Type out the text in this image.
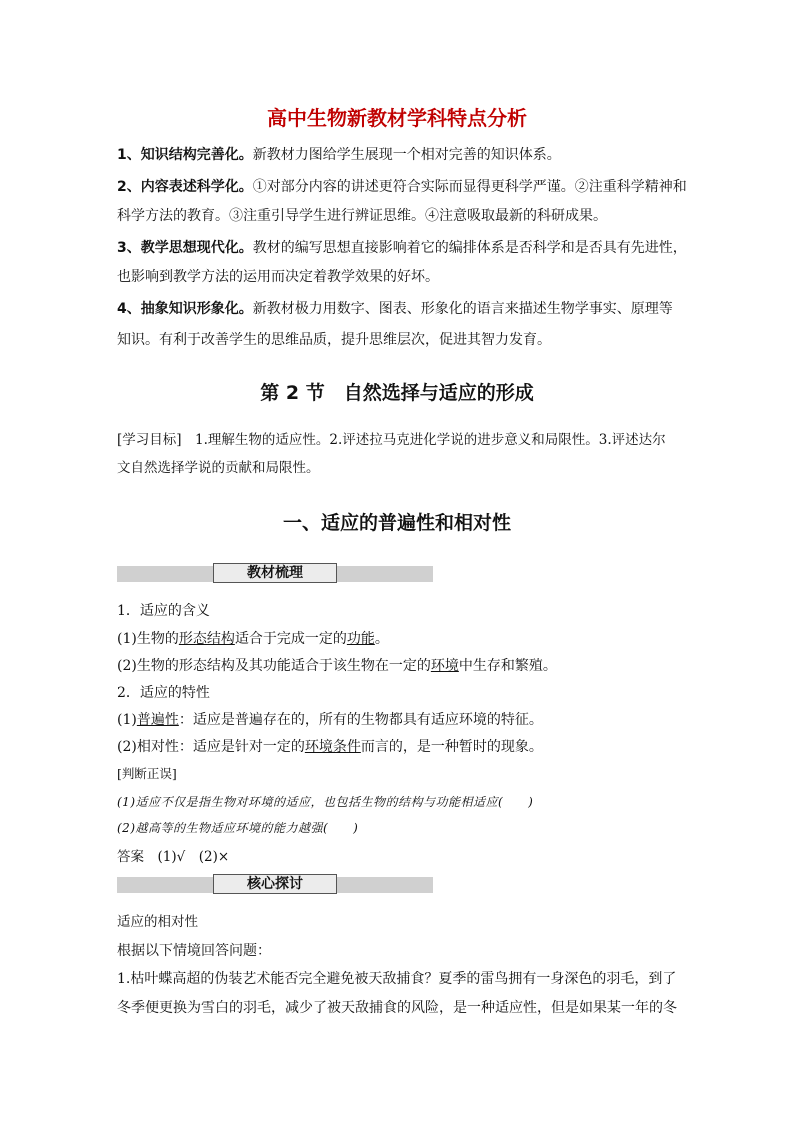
高中生物新教材学科特点分析
1、知识结构完善化。新教材力图给学生展现一个相对完善的知识体系。
2、内容表述科学化。①对部分内容的讲述更符合实际而显得更科学严谨。②注重科学精神和
科学方法的教育。③注重引导学生进行辨证思维。④注意吸取最新的科研成果。
3、教学思想现代化。教材的编写思想直接影响着它的编排体系是否科学和是否具有先进性，
也影响到教学方法的运用而决定着教学效果的好坏。
4、抽象知识形象化。新教材极力用数字、图表、形象化的语言来描述生物学事实、原理等
知识。有利于改善学生的思维品质，提升思维层次，促进其智力发育。
第 2 节　自然选择与适应的形成
[学习目标]　1.理解生物的适应性。2.评述拉马克进化学说的进步意义和局限性。3.评述达尔
文自然选择学说的贡献和局限性。
一、适应的普遍性和相对性
教材梳理
1．适应的含义
(1)生物的形态结构适合于完成一定的功能。
(2)生物的形态结构及其功能适合于该生物在一定的环境中生存和繁殖。
2．适应的特性
(1)普遍性：适应是普遍存在的，所有的生物都具有适应环境的特征。
(2)相对性：适应是针对一定的环境条件而言的，是一种暂时的现象。
[判断正误]
(1)适应不仅是指生物对环境的适应，也包括生物的结构与功能相适应(　　)
(2)越高等的生物适应环境的能力越强(　　)
答案　(1)√　(2)×
核心探讨
适应的相对性
根据以下情境回答问题：
1.枯叶蝶高超的伪装艺术能否完全避免被天敌捕食？夏季的雷鸟拥有一身深色的羽毛，到了
冬季便更换为雪白的羽毛，减少了被天敌捕食的风险，是一种适应性，但是如果某一年的冬
